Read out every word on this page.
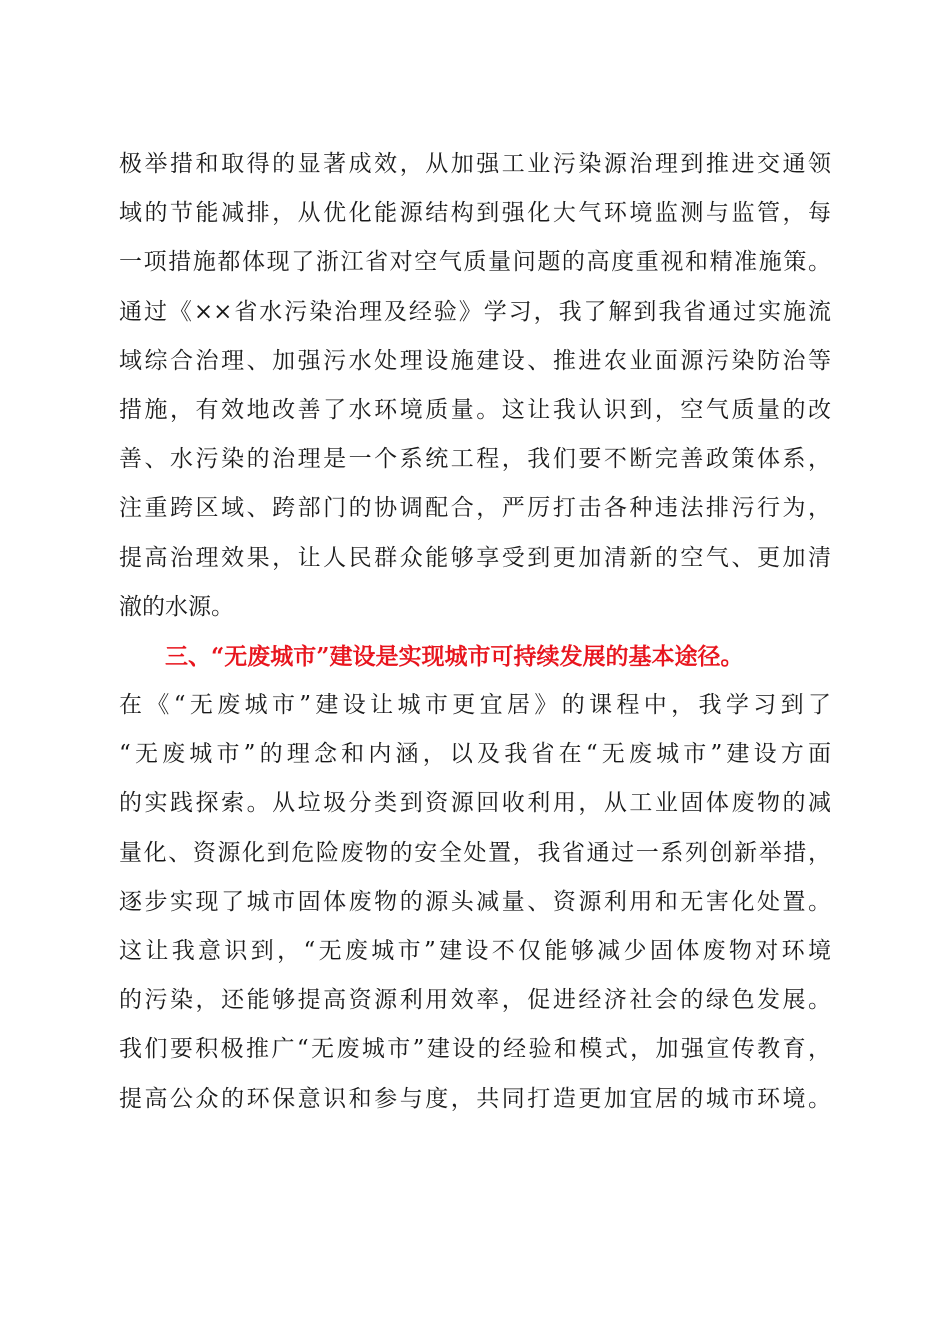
极举措和取得的显著成效，从加强工业污染源治理到推进交通领
域的节能减排，从优化能源结构到强化大气环境监测与监管，每
一项措施都体现了浙江省对空气质量问题的高度重视和精准施策。
通过《××省水污染治理及经验》学习，我了解到我省通过实施流
域综合治理、加强污水处理设施建设、推进农业面源污染防治等
措施，有效地改善了水环境质量。这让我认识到，空气质量的改
善、水污染的治理是一个系统工程，我们要不断完善政策体系，
注重跨区域、跨部门的协调配合，严厉打击各种违法排污行为，
提高治理效果，让人民群众能够享受到更加清新的空气、更加清
澈的水源。
三、“无废城市”建设是实现城市可持续发展的基本途径。
在《“无废城市”建设让城市更宜居》的课程中，我学习到了
“无废城市”的理念和内涵，以及我省在“无废城市”建设方面
的实践探索。从垃圾分类到资源回收利用，从工业固体废物的减
量化、资源化到危险废物的安全处置，我省通过一系列创新举措，
逐步实现了城市固体废物的源头减量、资源利用和无害化处置。
这让我意识到，“无废城市”建设不仅能够减少固体废物对环境
的污染，还能够提高资源利用效率，促进经济社会的绿色发展。
我们要积极推广“无废城市”建设的经验和模式，加强宣传教育，
提高公众的环保意识和参与度，共同打造更加宜居的城市环境。
